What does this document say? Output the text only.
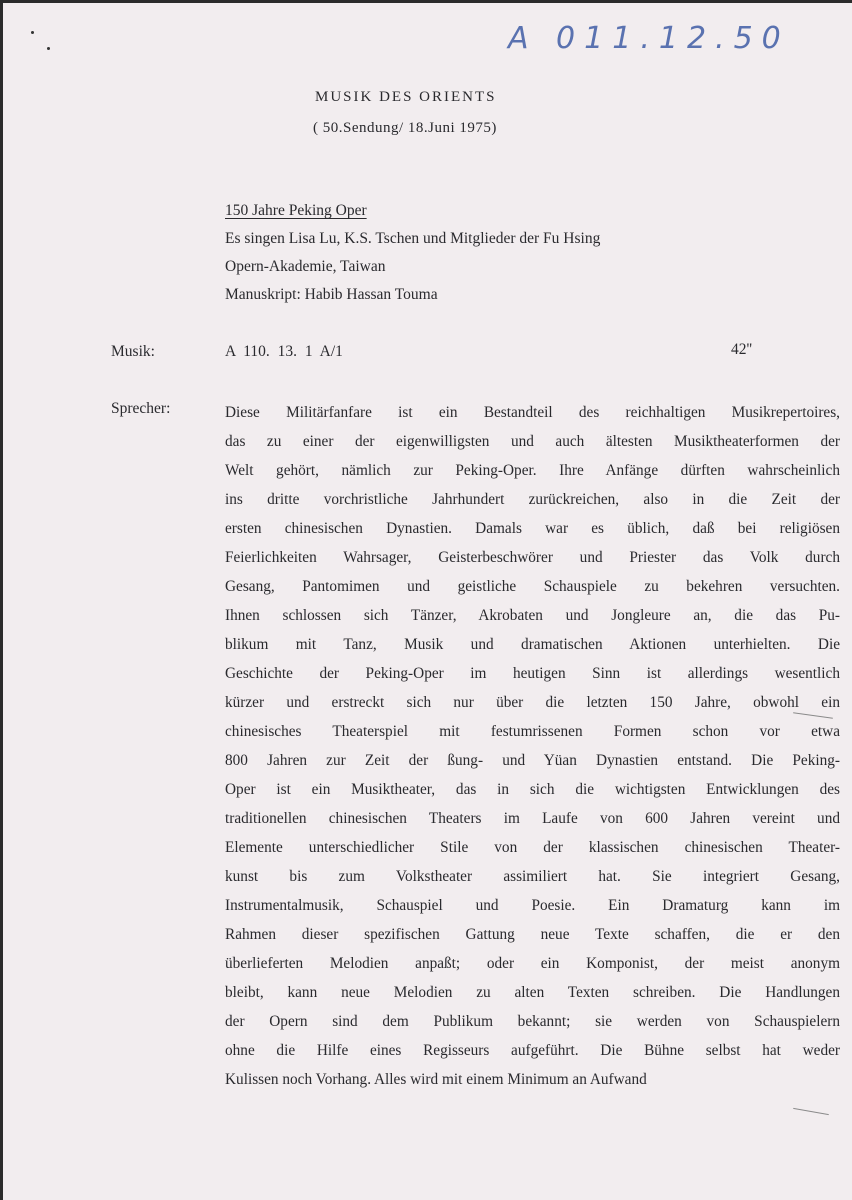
A 011.12.50
MUSIK DES ORIENTS
( 50.Sendung/ 18.Juni 1975)
150 Jahre Peking Oper
Es singen Lisa Lu, K.S. Tschen und Mitglieder der Fu Hsing
Opern-Akademie, Taiwan
Manuskript: Habib Hassan Touma
Musik:	A 110. 13. 1 A/1	42''
Sprecher:	Diese Militärfanfare ist ein Bestandteil des reichhaltigen Musikrepertoires,
das zu einer der eigenwilligsten und auch ältesten Musiktheaterformen der
Welt gehört, nämlich zur Peking-Oper. Ihre Anfänge dürften wahrscheinlich
ins dritte vorchristliche Jahrhundert zurückreichen, also in die Zeit der
ersten chinesischen Dynastien. Damals war es üblich, daß bei religiösen
Feierlichkeiten Wahrsager, Geisterbeschwörer und Priester das Volk durch
Gesang, Pantomimen und geistliche Schauspiele zu bekehren versuchten.
Ihnen schlossen sich Tänzer, Akrobaten und Jongleure an, die das Pu-
blikum mit Tanz, Musik und dramatischen Aktionen unterhielten. Die
Geschichte der Peking-Oper im heutigen Sinn ist allerdings wesentlich
kürzer und erstreckt sich nur über die letzten 150 Jahre, obwohl ein
chinesisches Theaterspiel mit festumrissenen Formen schon vor etwa
800 Jahren zur Zeit der ßung- und Yüan Dynastien entstand. Die Peking-
Oper ist ein Musiktheater, das in sich die wichtigsten Entwicklungen des
traditionellen chinesischen Theaters im Laufe von 600 Jahren vereint und
Elemente unterschiedlicher Stile von der klassischen chinesischen Theater-
kunst bis zum Volkstheater assimiliert hat. Sie integriert Gesang,
Instrumentalmusik, Schauspiel und Poesie. Ein Dramaturg kann im
Rahmen dieser spezifischen Gattung neue Texte schaffen, die er den
überlieferten Melodien anpaßt; oder ein Komponist, der meist anonym
bleibt, kann neue Melodien zu alten Texten schreiben. Die Handlungen
der Opern sind dem Publikum bekannt; sie werden von Schauspielern
ohne die Hilfe eines Regisseurs aufgeführt. Die Bühne selbst hat weder
Kulissen noch Vorhang. Alles wird mit einem Minimum an Aufwand
